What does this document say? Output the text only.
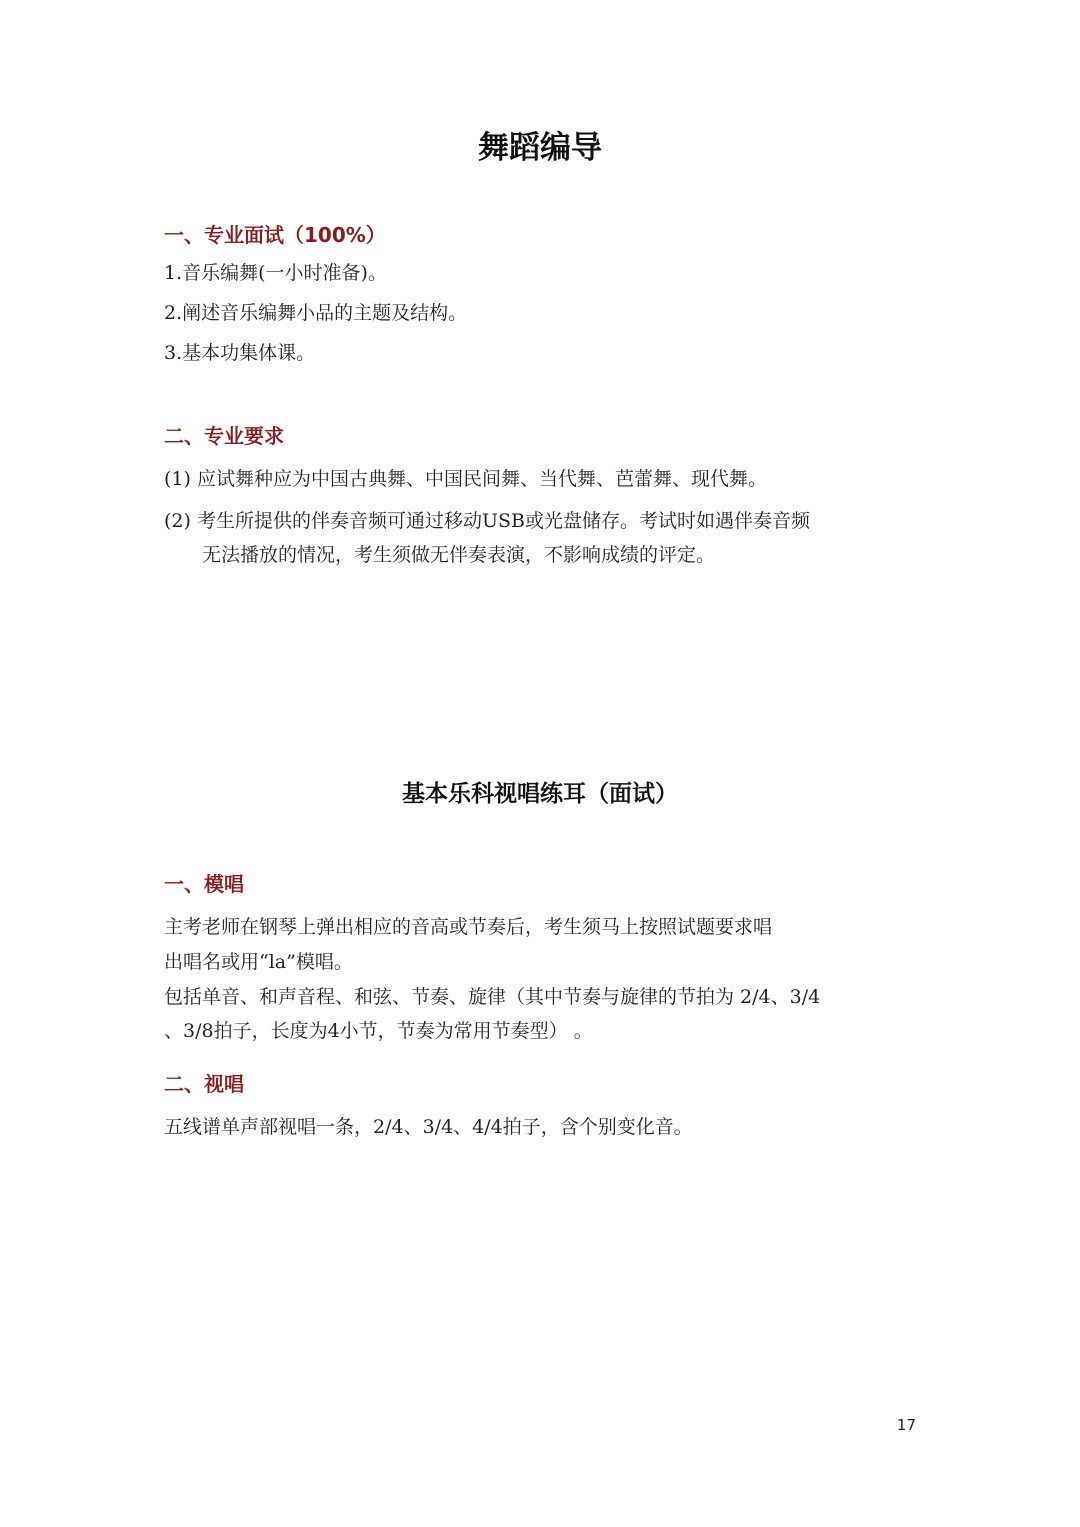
舞蹈编导
一、专业面试（100%）

1.音乐编舞(一小时准备)。

2.阐述音乐编舞小品的主题及结构。

3.基本功集体课。

二、专业要求

(1) 应试舞种应为中国古典舞、中国民间舞、当代舞、芭蕾舞、现代舞。

(2) 考生所提供的伴奏音频可通过移动USB或光盘储存。考试时如遇伴奏音频

无法播放的情况，考生须做无伴奏表演，不影响成绩的评定。

基本乐科视唱练耳（面试）
一、模唱

主考老师在钢琴上弹出相应的音高或节奏后，考生须马上按照试题要求唱

出唱名或用“la”模唱。

包括单音、和声音程、和弦、节奏、旋律（其中节奏与旋律的节拍为 2/4、3/4

、3/8拍子，长度为4小节，节奏为常用节奏型） 。

二、视唱

五线谱单声部视唱一条，2/4、3/4、4/4拍子，含个别变化音。

17
